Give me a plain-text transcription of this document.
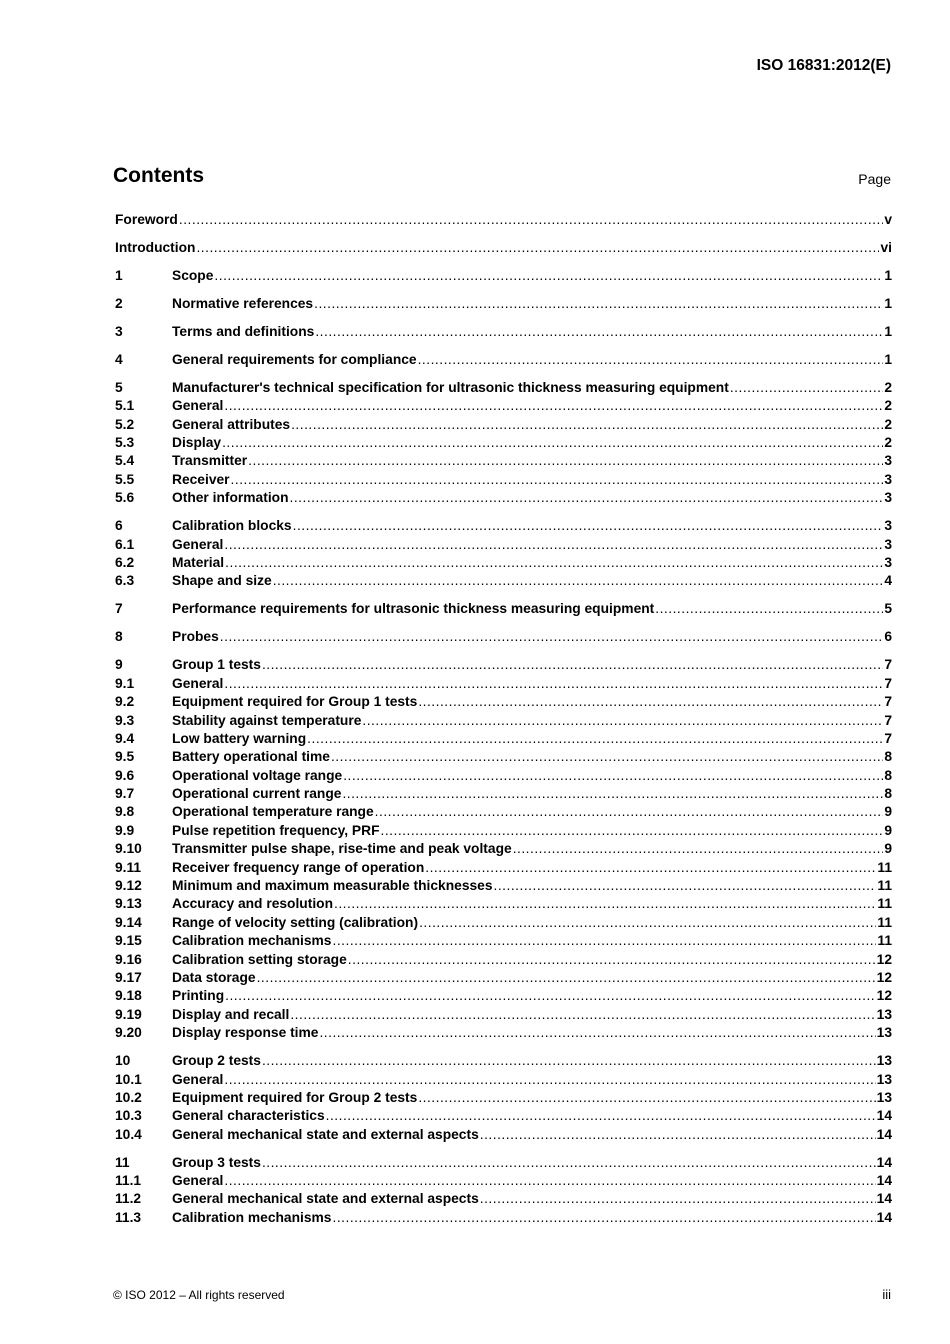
ISO 16831:2012(E)
Contents	Page
Foreword .....	v
Introduction .....	vi
1	Scope .....	1
2	Normative references .....	1
3	Terms and definitions .....	1
4	General requirements for compliance .....	1
5	Manufacturer's technical specification for ultrasonic thickness measuring equipment .....	2
5.1	General .....	2
5.2	General attributes .....	2
5.3	Display .....	2
5.4	Transmitter .....	3
5.5	Receiver .....	3
5.6	Other information .....	3
6	Calibration blocks .....	3
6.1	General .....	3
6.2	Material .....	3
6.3	Shape and size .....	4
7	Performance requirements for ultrasonic thickness measuring equipment .....	5
8	Probes .....	6
9	Group 1 tests .....	7
9.1	General .....	7
9.2	Equipment required for Group 1 tests .....	7
9.3	Stability against temperature .....	7
9.4	Low battery warning .....	7
9.5	Battery operational time .....	8
9.6	Operational voltage range .....	8
9.7	Operational current range .....	8
9.8	Operational temperature range .....	9
9.9	Pulse repetition frequency, PRF .....	9
9.10	Transmitter pulse shape, rise-time and peak voltage .....	9
9.11	Receiver frequency range of operation .....	11
9.12	Minimum and maximum measurable thicknesses .....	11
9.13	Accuracy and resolution .....	11
9.14	Range of velocity setting (calibration) .....	11
9.15	Calibration mechanisms .....	11
9.16	Calibration setting storage .....	12
9.17	Data storage .....	12
9.18	Printing .....	12
9.19	Display and recall .....	13
9.20	Display response time .....	13
10	Group 2 tests .....	13
10.1	General .....	13
10.2	Equipment required for Group 2 tests .....	13
10.3	General characteristics .....	14
10.4	General mechanical state and external aspects .....	14
11	Group 3 tests .....	14
11.1	General .....	14
11.2	General mechanical state and external aspects .....	14
11.3	Calibration mechanisms .....	14
© ISO 2012 – All rights reserved	iii
